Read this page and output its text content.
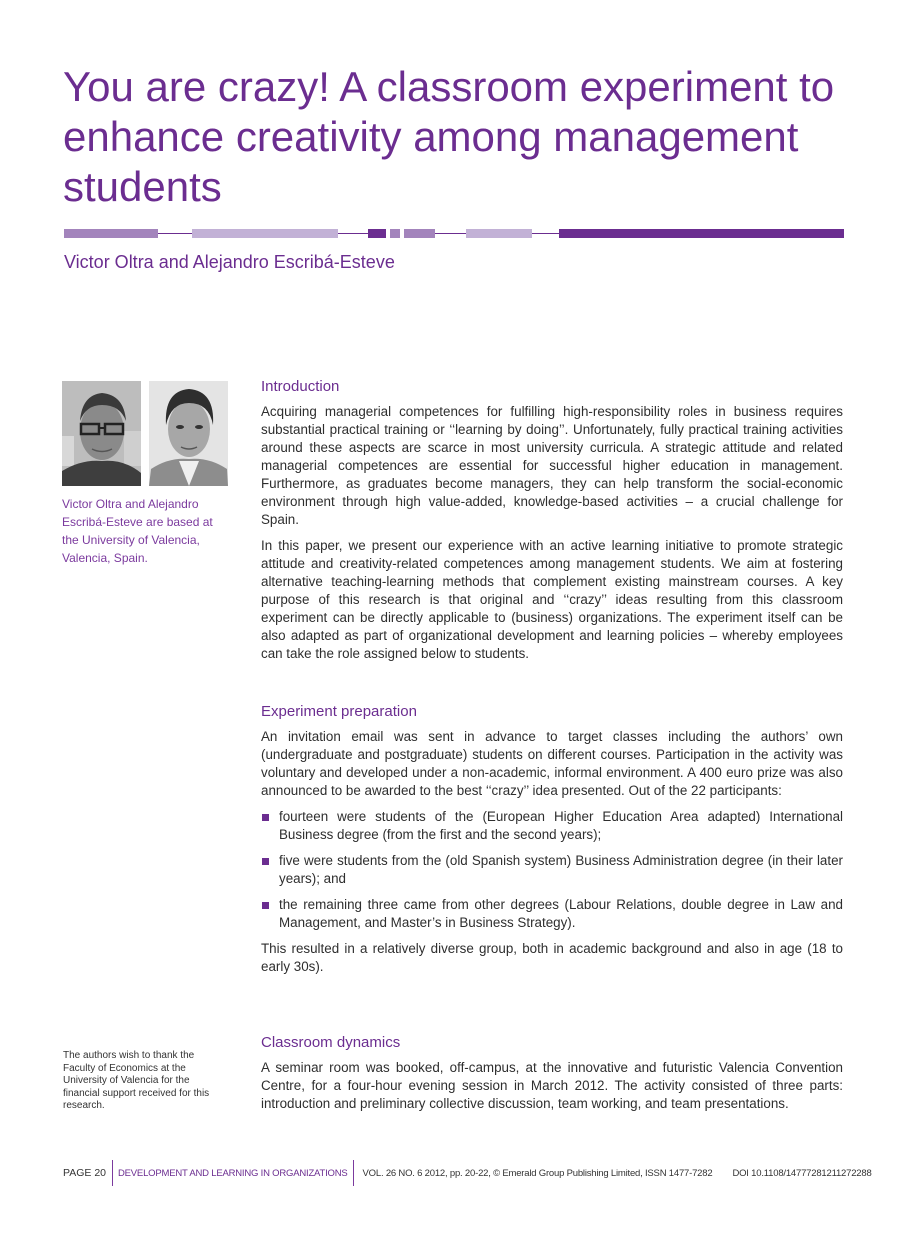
You are crazy! A classroom experiment to enhance creativity among management students
Victor Oltra and Alejandro Escribá-Esteve
Victor Oltra and Alejandro Escribá-Esteve are based at the University of Valencia, Valencia, Spain.
The authors wish to thank the Faculty of Economics at the University of Valencia for the financial support received for this research.
Introduction

Acquiring managerial competences for fulfilling high-responsibility roles in business requires substantial practical training or ‘‘learning by doing’’. Unfortunately, fully practical training activities around these aspects are scarce in most university curricula. A strategic attitude and related managerial competences are essential for successful higher education in management. Furthermore, as graduates become managers, they can help transform the social-economic environment through high value-added, knowledge-based activities – a crucial challenge for Spain.

In this paper, we present our experience with an active learning initiative to promote strategic attitude and creativity-related competences among management students. We aim at fostering alternative teaching-learning methods that complement existing mainstream courses. A key purpose of this research is that original and ‘‘crazy’’ ideas resulting from this classroom experiment can be directly applicable to (business) organizations. The experiment itself can be also adapted as part of organizational development and learning policies – whereby employees can take the role assigned below to students.

Experiment preparation

An invitation email was sent in advance to target classes including the authors’ own (undergraduate and postgraduate) students on different courses. Participation in the activity was voluntary and developed under a non-academic, informal environment. A 400 euro prize was also announced to be awarded to the best ‘‘crazy’’ idea presented. Out of the 22 participants:

fourteen were students of the (European Higher Education Area adapted) International Business degree (from the first and the second years);
five were students from the (old Spanish system) Business Administration degree (in their later years); and
the remaining three came from other degrees (Labour Relations, double degree in Law and Management, and Master’s in Business Strategy).

This resulted in a relatively diverse group, both in academic background and also in age (18 to early 30s).

Classroom dynamics

A seminar room was booked, off-campus, at the innovative and futuristic Valencia Convention Centre, for a four-hour evening session in March 2012. The activity consisted of three parts: introduction and preliminary collective discussion, team working, and team presentations.

PAGE 20	DEVELOPMENT AND LEARNING IN ORGANIZATIONS	VOL. 26 NO. 6 2012, pp. 20-22, © Emerald Group Publishing Limited, ISSN 1477-7282	DOI 10.1108/14777281211272288
